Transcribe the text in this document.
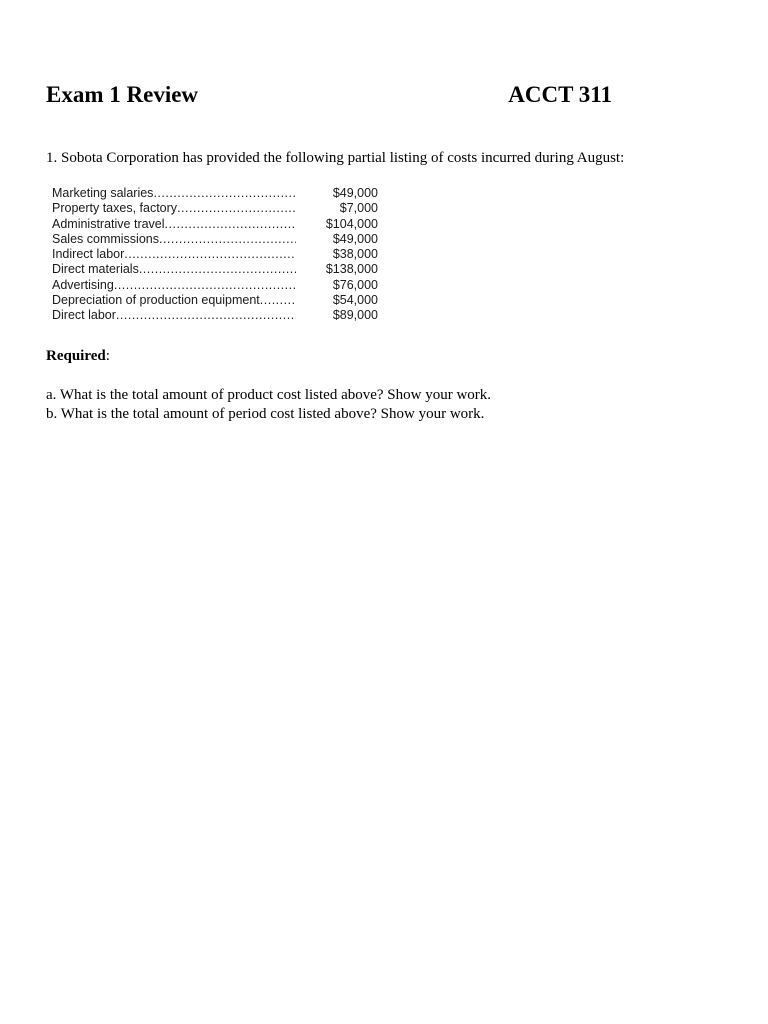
Exam 1 Review	ACCT 311
1. Sobota Corporation has provided the following partial listing of costs incurred during August:
Marketing salaries .....	$49,000
Property taxes, factory .....	$7,000
Administrative travel .....	$104,000
Sales commissions .....	$49,000
Indirect labor .....	$38,000
Direct materials .....	$138,000
Advertising .....	$76,000
Depreciation of production equipment .....	$54,000
Direct labor .....	$89,000
Required:
a. What is the total amount of product cost listed above? Show your work.
b. What is the total amount of period cost listed above? Show your work.
